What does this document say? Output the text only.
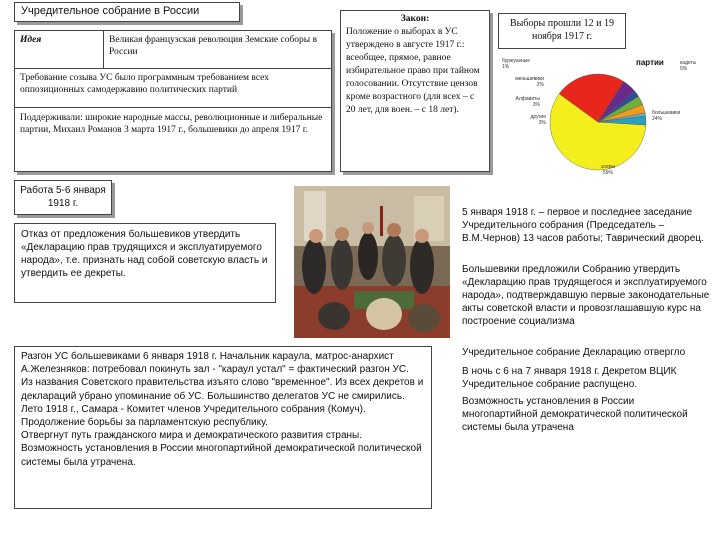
Учредительное собрание в России
Идея	Великая французская революция Земские соборы в России
Требование созыва УС было программным требованием всех оппозиционных самодержавию политических партий
Поддерживали: широкие народные массы, революционные и либеральные партии, Михаил Романов 3 марта 1917 г., большевики до апреля 1917 г.
Закон:
Положение о выборах в УС утверждено в августе 1917 г.: всеобщее, прямое, равное избирательное право при тайном голосовании. Отсутствие цензов кроме возрастного (для всех – с 20 лет, для воен. – с 18 лет).
Выборы прошли 12 и 19 ноября 1917 г.
партии
эсеры
59%
большевики
24%
кадеты
5%
меньшевики
2%
Алфавиты
3%
другие
3%
буржуазные
1%
Работа 5-6 января 1918 г.

Отказ от предложения большевиков утвердить «Декларацию прав трудящихся и эксплуатируемого народа», т.е. признать над собой советскую власть и утвердить ее декреты.

Разгон УС большевиками 6 января 1918 г. Начальник караула, матрос-анархист А.Железняков: потребовал покинуть зал - "караул устал" = фактический разгон УС.

Из названия Советского правительства изъято слово "временное". Из всех декретов и деклараций убрано упоминание об УС. Большинство делегатов УС не смирились.

Лето 1918 г., Самара - Комитет членов Учредительного собрания (Комуч). Продолжение борьбы за парламентскую республику.

Отвергнут путь гражданского мира и демократического развития страны.

Возможность установления в России многопартийной демократической политической системы была утрачена.

5 января 1918 г. – первое и последнее заседание Учредительного собрания (Председатель – В.М.Чернов) 13 часов работы; Таврический дворец.

Большевики предложили Собранию утвердить «Декларацию прав трудящегося и эксплуатируемого народа», подтверждавшую первые законодательные акты советской власти и провозглашавшую курс на построение социализма

Учредительное собрание Декларацию отвергло

В ночь с 6 на 7 января 1918 г. Декретом ВЦИК Учредительное собрание распущено.

Возможность установления в России многопартийной демократической политической системы была утрачена
